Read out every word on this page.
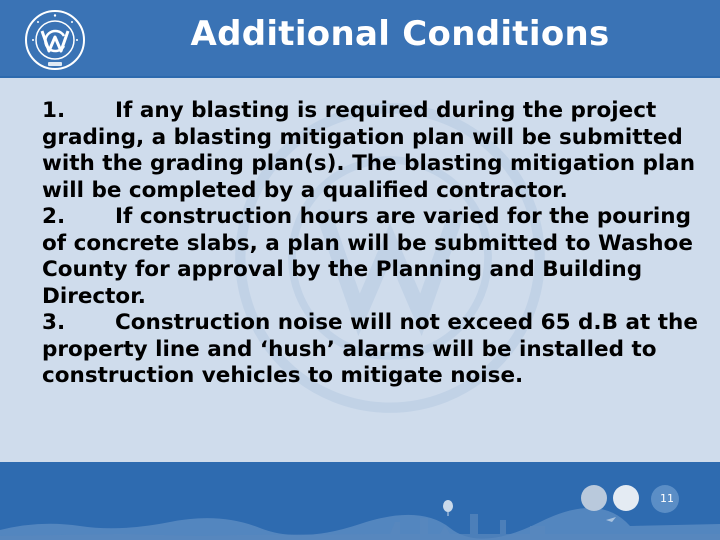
Additional Conditions
1. If any blasting is required during the project grading, a blasting mitigation plan will be submitted with the grading plan(s). The blasting mitigation plan will be completed by a qualified contractor.
2. If construction hours are varied for the pouring of concrete slabs, a plan will be submitted to Washoe County for approval by the Planning and Building Director.
3. Construction noise will not exceed 65 d.B at the property line and ‘hush’ alarms will be installed to construction vehicles to mitigate noise.
11
